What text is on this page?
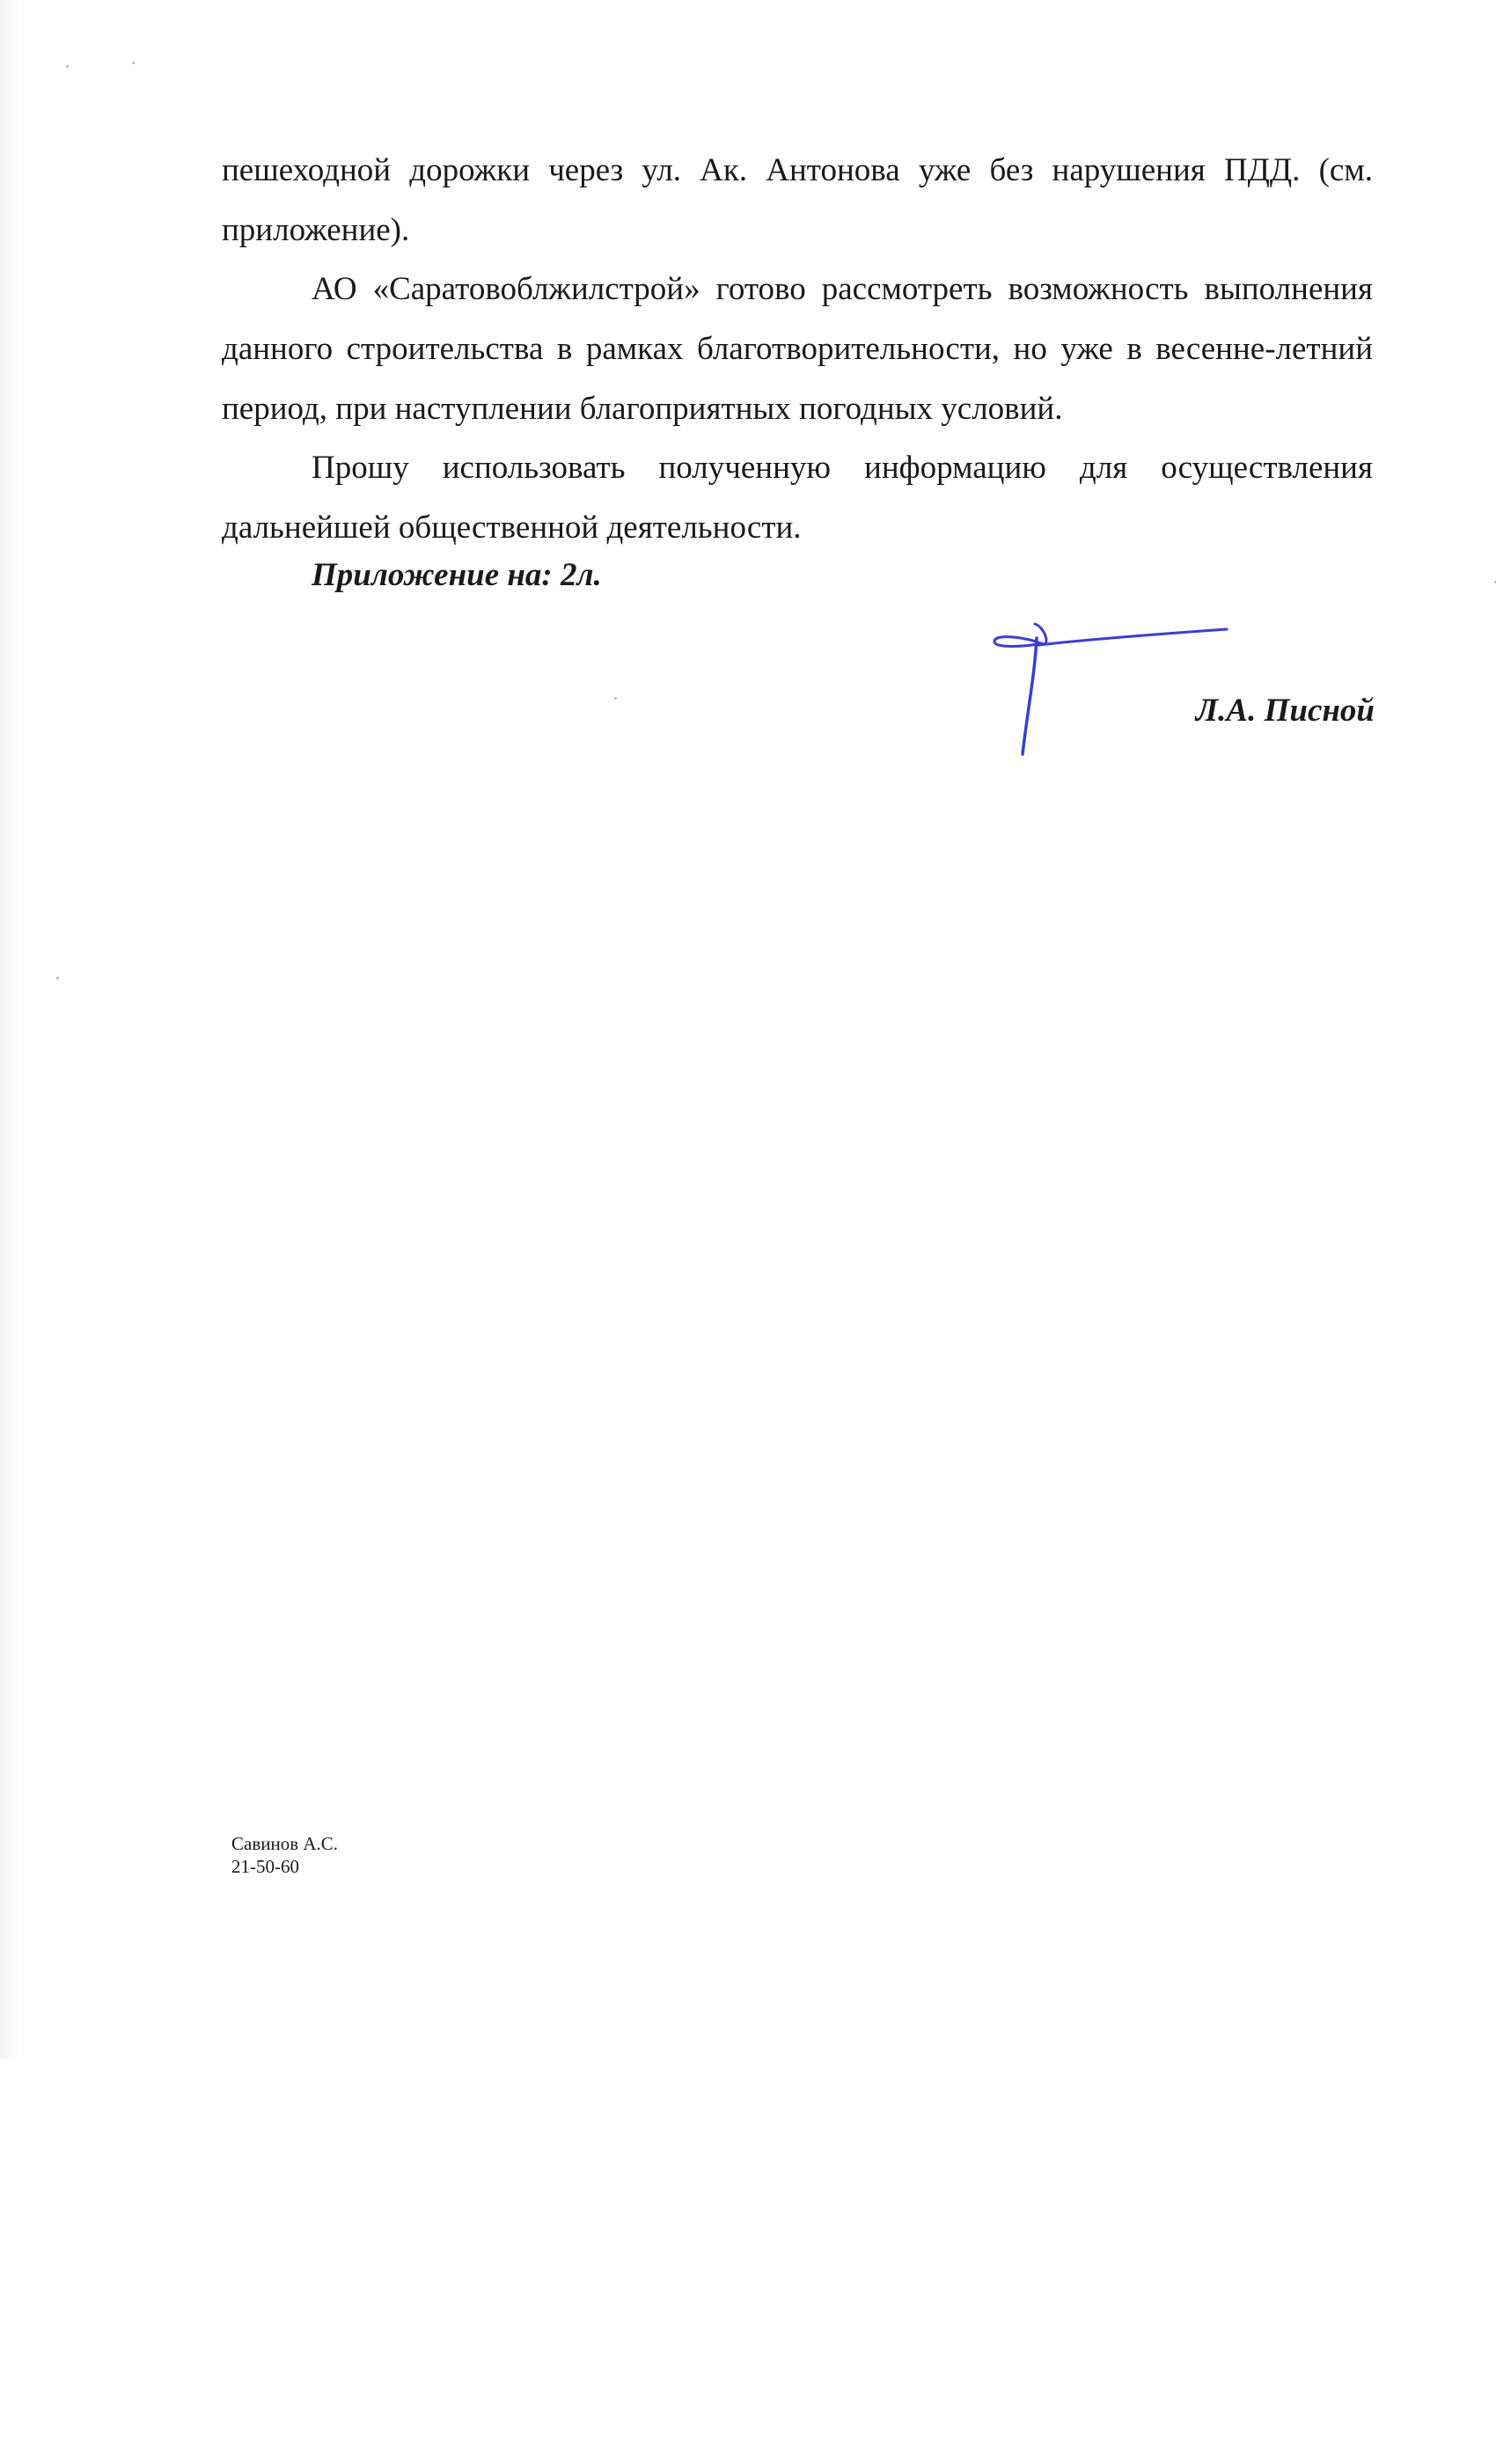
пешеходной дорожки через ул. Ак. Антонова уже без нарушения ПДД. (см. приложение).

АО «Саратовоблжилстрой» готово рассмотреть возможность выполнения данного строительства в рамках благотворительности, но уже в весенне-летний период, при наступлении благоприятных погодных условий.

Прошу использовать полученную информацию для осуществления дальнейшей общественной деятельности.

Приложение на: 2л.

Л.А. Писной

Савинов А.С.
21-50-60
